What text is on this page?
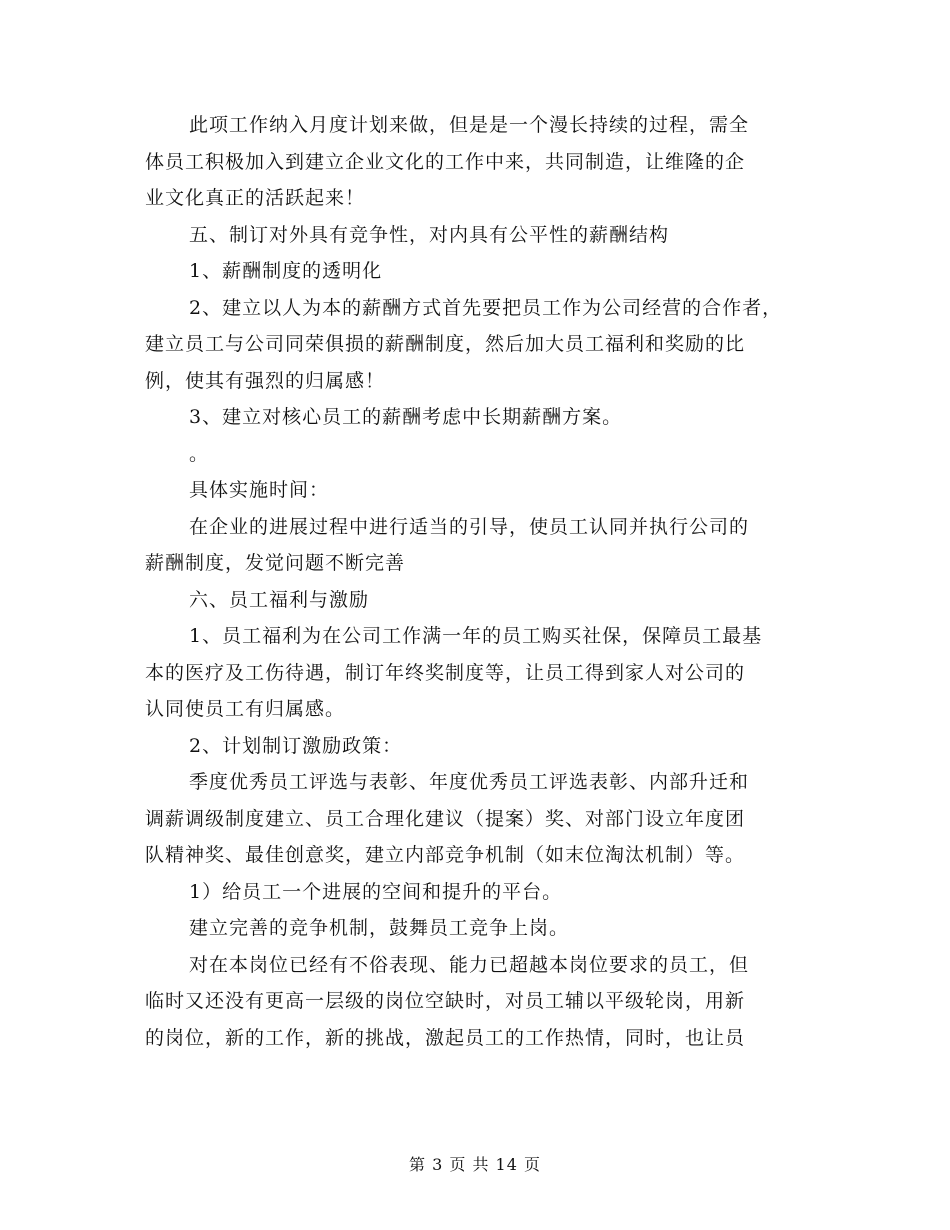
此项工作纳入月度计划来做，但是是一个漫长持续的过程，需全
体员工积极加入到建立企业文化的工作中来，共同制造，让维隆的企
业文化真正的活跃起来！
五、制订对外具有竞争性，对内具有公平性的薪酬结构
1、薪酬制度的透明化
2、建立以人为本的薪酬方式首先要把员工作为公司经营的合作者，
建立员工与公司同荣俱损的薪酬制度，然后加大员工福利和奖励的比
例，使其有强烈的归属感！
3、建立对核心员工的薪酬考虑中长期薪酬方案。
。
具体实施时间：
在企业的进展过程中进行适当的引导，使员工认同并执行公司的
薪酬制度，发觉问题不断完善
六、员工福利与激励
1、员工福利为在公司工作满一年的员工购买社保，保障员工最基
本的医疗及工伤待遇，制订年终奖制度等，让员工得到家人对公司的
认同使员工有归属感。
2、计划制订激励政策：
季度优秀员工评选与表彰、年度优秀员工评选表彰、内部升迁和
调薪调级制度建立、员工合理化建议（提案）奖、对部门设立年度团
队精神奖、最佳创意奖，建立内部竞争机制（如末位淘汰机制）等。
1）给员工一个进展的空间和提升的平台。
建立完善的竞争机制，鼓舞员工竞争上岗。
对在本岗位已经有不俗表现、能力已超越本岗位要求的员工，但
临时又还没有更高一层级的岗位空缺时，对员工辅以平级轮岗，用新
的岗位，新的工作，新的挑战，激起员工的工作热情，同时，也让员
第 3 页 共 14 页
